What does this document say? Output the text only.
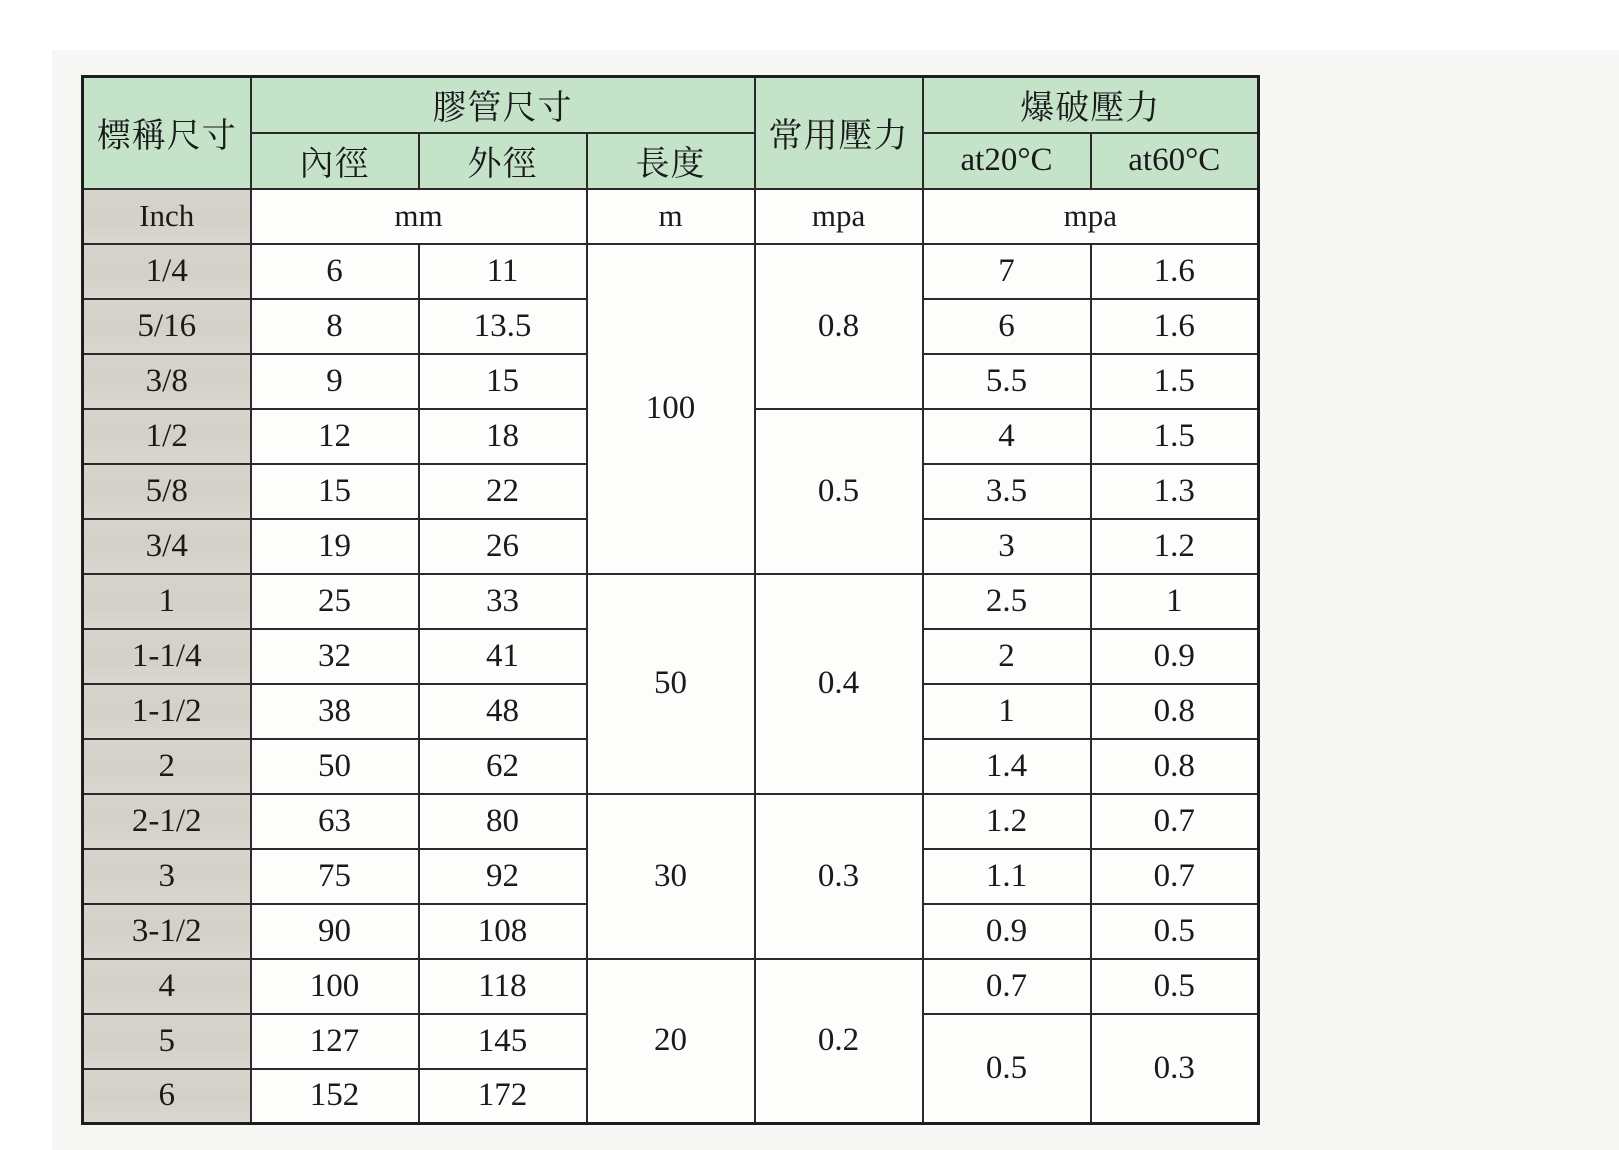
標稱尺寸	膠管尺寸			常用壓力	爆破壓力	
	內徑	外徑	長度		at20°C	at60°C
Inch	mm		m	mpa	mpa	
1/4	6	11	100	0.8	7	1.6
5/16	8	13.5			6	1.6
3/8	9	15			5.5	1.5
1/2	12	18		0.5	4	1.5
5/8	15	22			3.5	1.3
3/4	19	26			3	1.2
1	25	33	50	0.4	2.5	1
1-1/4	32	41			2	0.9
1-1/2	38	48			1	0.8
2	50	62			1.4	0.8
2-1/2	63	80	30	0.3	1.2	0.7
3	75	92			1.1	0.7
3-1/2	90	108			0.9	0.5
4	100	118	20	0.2	0.7	0.5
5	127	145			0.5	0.3
6	152	172				
